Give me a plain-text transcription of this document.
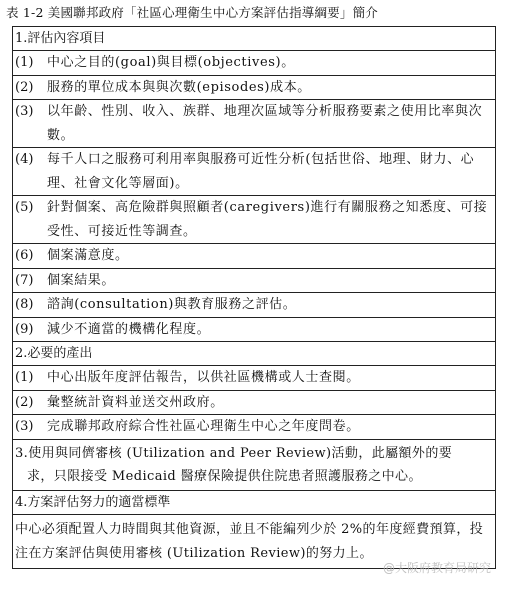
表 1-2 美國聯邦政府「社區心理衛生中心方案評估指導綱要」簡介
1.評估內容項目
(1)	中心之目的(goal)與目標(objectives)。
(2)	服務的單位成本與與次數(episodes)成本。
(3)	以年齡、性別、收入、族群、地理次區域等分析服務要素之使用比率與次數。
(4)	每千人口之服務可利用率與服務可近性分析(包括世俗、地理、財力、心理、社會文化等層面)。
(5)	針對個案、高危險群與照顧者(caregivers)進行有關服務之知悉度、可接受性、可接近性等調查。
(6)	個案滿意度。
(7)	個案結果。
(8)	諮詢(consultation)與教育服務之評估。
(9)	減少不適當的機構化程度。
2.必要的產出
(1)	中心出版年度評估報告，以供社區機構或人士查閱。
(2)	彙整統計資料並送交州政府。
(3)	完成聯邦政府綜合性社區心理衛生中心之年度問卷。
3.使用與同儕審核 (Utilization and Peer Review)活動，此屬額外的要
求，只限接受 Medicaid 醫療保險提供住院患者照護服務之中心。
4.方案評估努力的適當標準
中心必須配置人力時間與其他資源，並且不能編列少於 2%的年度經費預算，投注在方案評估與使用審核 (Utilization Review)的努力上。
@大阪府教育局研究
